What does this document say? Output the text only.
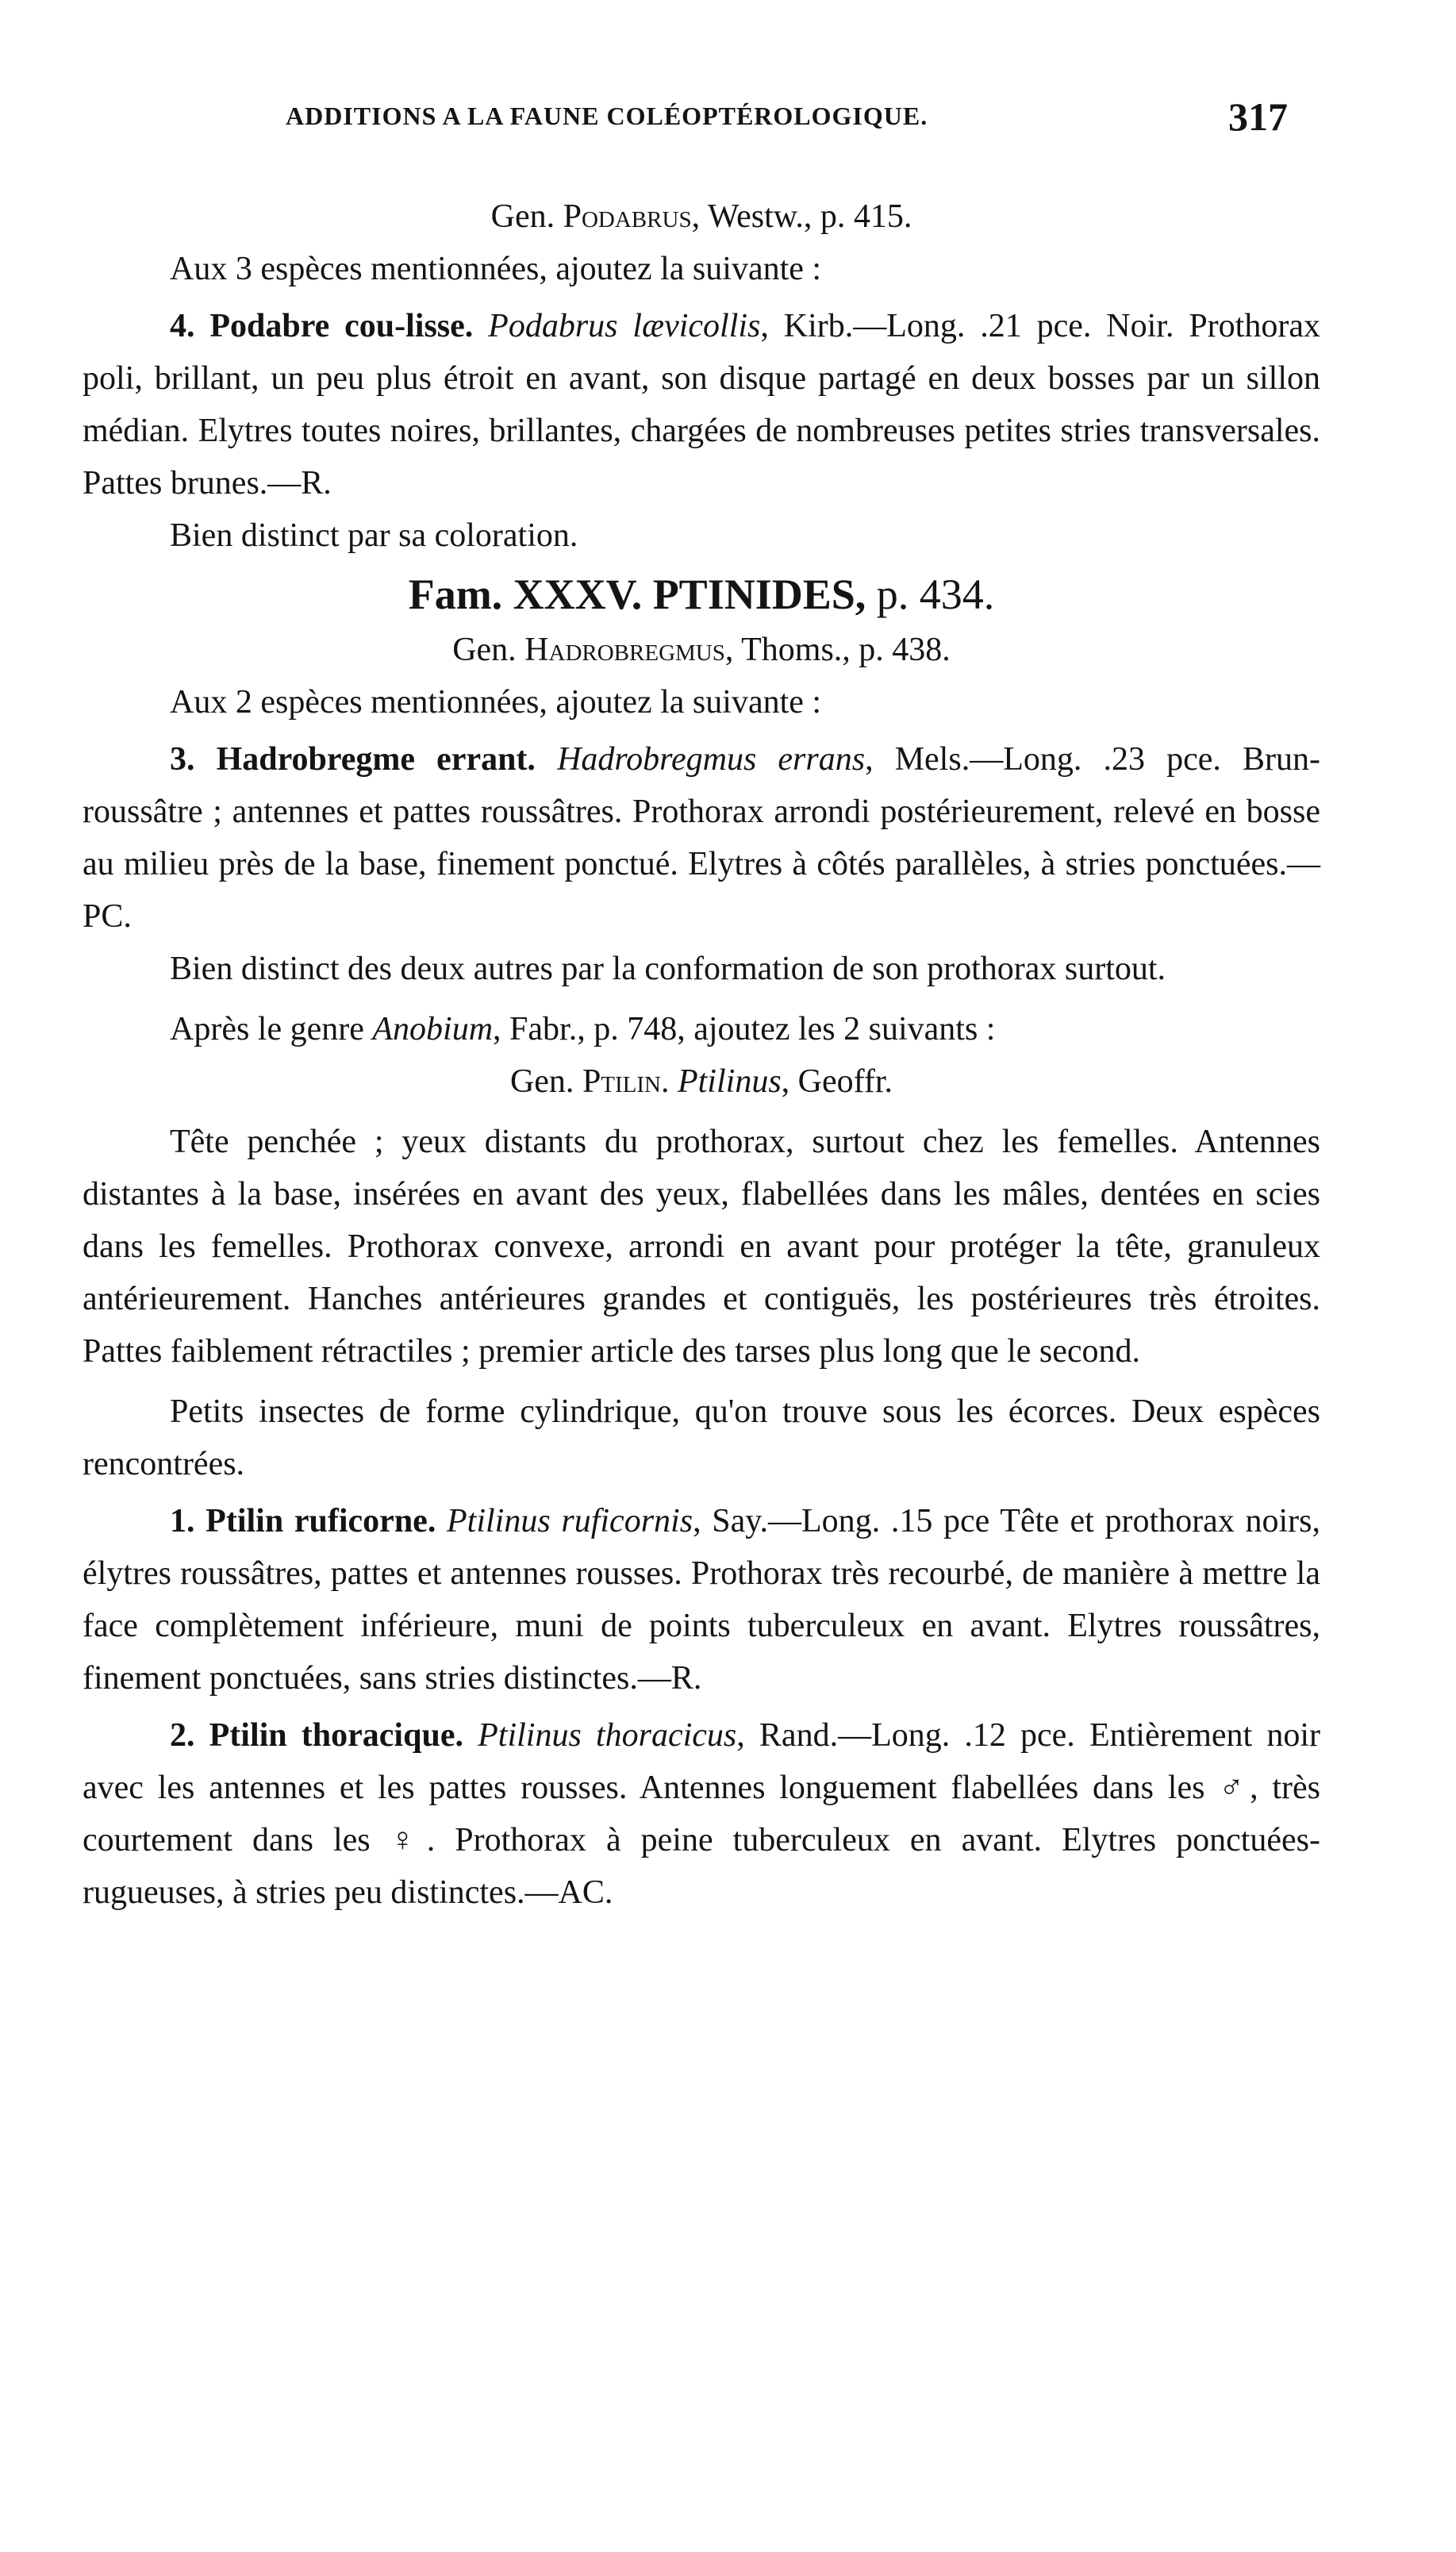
ADDITIONS A LA FAUNE COLÉOPTÉROLOGIQUE.	317

Gen. Podabrus, Westw., p. 415.

Aux 3 espèces mentionnées, ajoutez la suivante :

4. Podabre cou-lisse. Podabrus lævicollis, Kirb.—Long. .21 pce. Noir. Prothorax poli, brillant, un peu plus étroit en avant, son disque partagé en deux bosses par un sillon médian. Elytres toutes noires, brillantes, chargées de nombreuses petites stries transversales. Pattes brunes.—R.

Bien distinct par sa coloration.

Fam. XXXV. PTINIDES, p. 434.

Gen. Hadrobregmus, Thoms., p. 438.

Aux 2 espèces mentionnées, ajoutez la suivante :

3. Hadrobregme errant. Hadrobregmus errans, Mels.—Long. .23 pce. Brun-roussâtre ; antennes et pattes roussâtres. Prothorax arrondi postérieurement, relevé en bosse au milieu près de la base, finement ponctué. Elytres à côtés parallèles, à stries ponctuées.—PC.

Bien distinct des deux autres par la conformation de son prothorax surtout.

Après le genre Anobium, Fabr., p. 748, ajoutez les 2 suivants :

Gen. Ptilin. Ptilinus, Geoffr.

Tête penchée ; yeux distants du prothorax, surtout chez les femelles. Antennes distantes à la base, insérées en avant des yeux, flabellées dans les mâles, dentées en scies dans les femelles. Prothorax convexe, arrondi en avant pour protéger la tête, granuleux antérieurement. Hanches antérieures grandes et contiguës, les postérieures très étroites. Pattes faiblement rétractiles ; premier article des tarses plus long que le second.

Petits insectes de forme cylindrique, qu'on trouve sous les écorces. Deux espèces rencontrées.

1. Ptilin ruficorne. Ptilinus ruficornis, Say.—Long. .15 pce Tête et prothorax noirs, élytres roussâtres, pattes et antennes rousses. Prothorax très recourbé, de manière à mettre la face complètement inférieure, muni de points tuberculeux en avant. Elytres roussâtres, finement ponctuées, sans stries distinctes.—R.

2. Ptilin thoracique. Ptilinus thoracicus, Rand.—Long. .12 pce. Entièrement noir avec les antennes et les pattes rousses. Antennes longuement flabellées dans les ♂, très courtement dans les ♀. Prothorax à peine tuberculeux en avant. Elytres ponctuées-rugueuses, à stries peu distinctes.—AC.
